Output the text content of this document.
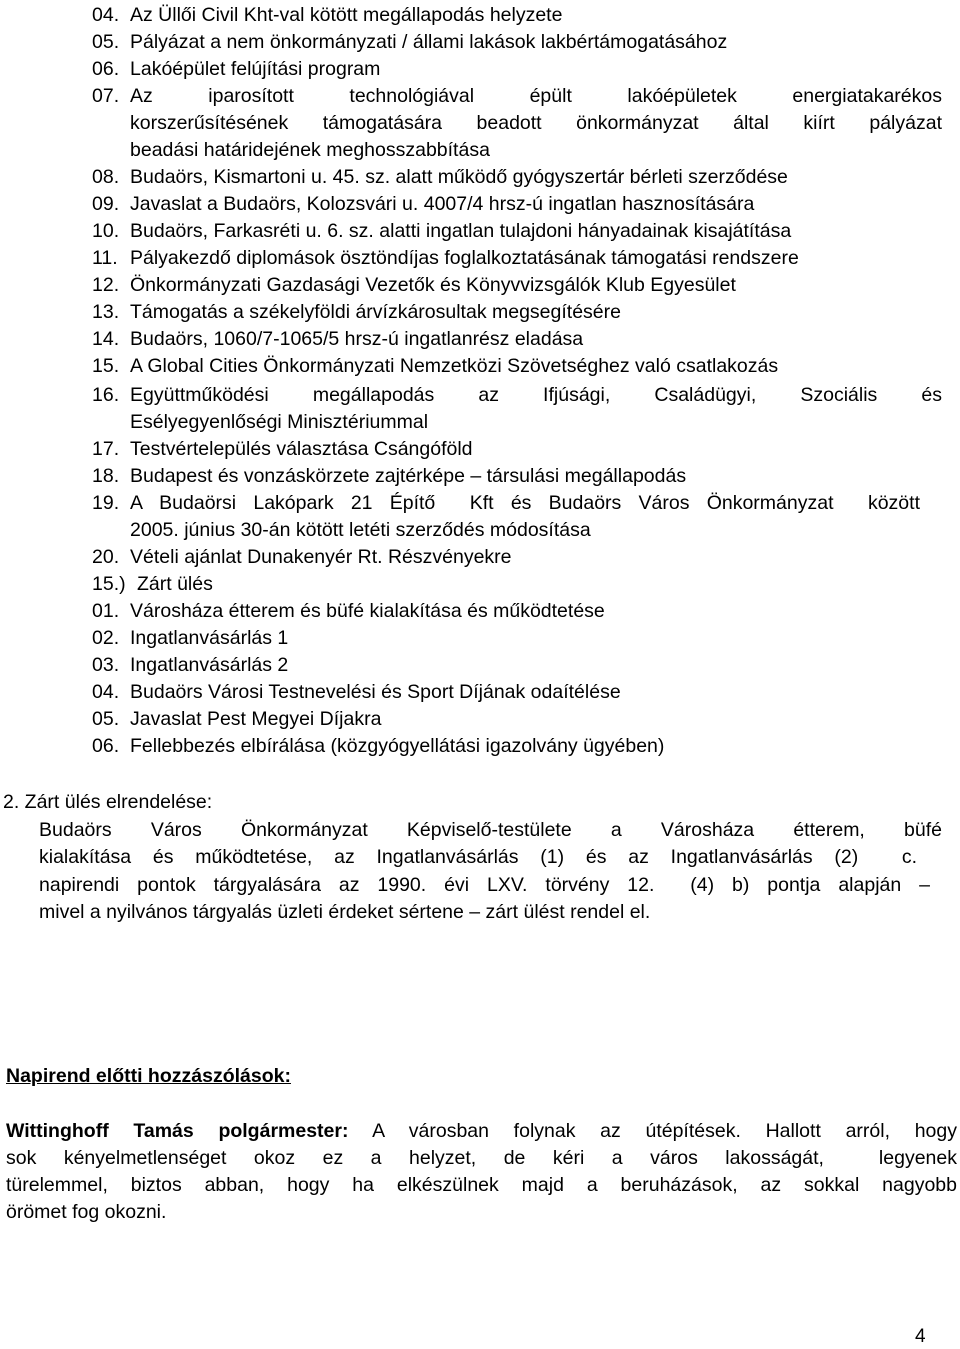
04. Az Üllői Civil Kht-val kötött megállapodás helyzete
05. Pályázat a nem önkormányzati / állami lakások lakbértámogatásához
06. Lakóépület felújítási program
07. Az iparosított technológiával épült lakóépületek energiatakarékos
korszerűsítésének támogatására beadott önkormányzat által kiírt pályázat
beadási határidejének meghosszabbítása
08. Budaörs, Kismartoni u. 45. sz. alatt működő gyógyszertár bérleti szerződése
09. Javaslat a Budaörs, Kolozsvári u. 4007/4 hrsz-ú ingatlan hasznosítására
10. Budaörs, Farkasréti u. 6. sz. alatti ingatlan tulajdoni hányadainak kisajátítása
11. Pályakezdő diplomások ösztöndíjas foglalkoztatásának támogatási rendszere
12. Önkormányzati Gazdasági Vezetők és Könyvvizsgálók Klub Egyesület
13. Támogatás a székelyföldi árvízkárosultak megsegítésére
14. Budaörs, 1060/7-1065/5 hrsz-ú ingatlanrész eladása
15. A Global Cities Önkormányzati Nemzetközi Szövetséghez való csatlakozás
16. Együttműködési megállapodás az Ifjúsági, Családügyi, Szociális és
Esélyegyenlőségi Minisztériummal
17. Testvértelepülés választása Csángóföld
18. Budapest és vonzáskörzete zajtérképe – társulási megállapodás
19. A Budaörsi Lakópark 21 Építő  Kft és Budaörs Város Önkormányzat  között
2005. június 30-án kötött letéti szerződés módosítása
20. Vételi ajánlat Dunakenyér Rt. Részvényekre
15.) Zárt ülés
01. Városháza étterem és büfé kialakítása és működtetése
02. Ingatlanvásárlás 1
03. Ingatlanvásárlás 2
04. Budaörs Városi Testnevelési és Sport Díjának odaítélése
05. Javaslat Pest Megyei Díjakra
06. Fellebbezés elbírálása (közgyógyellátási igazolvány ügyében)
2. Zárt ülés elrendelése:
Budaörs Város Önkormányzat Képviselő-testülete a Városháza étterem, büfé
kialakítása és működtetése, az Ingatlanvásárlás (1) és az Ingatlanvásárlás (2)  c.
napirendi pontok tárgyalására az 1990. évi LXV. törvény 12.  (4) b) pontja alapján –
mivel a nyilvános tárgyalás üzleti érdeket sértene – zárt ülést rendel el.
Napirend előtti hozzászólások:
Wittinghoff Tamás polgármester: A városban folynak az útépítések. Hallott arról, hogy
sok kényelmetlenséget okoz ez a helyzet, de kéri a város lakosságát,  legyenek
türelemmel, biztos abban, hogy ha elkészülnek majd a beruházások, az sokkal nagyobb
örömet fog okozni.
4
